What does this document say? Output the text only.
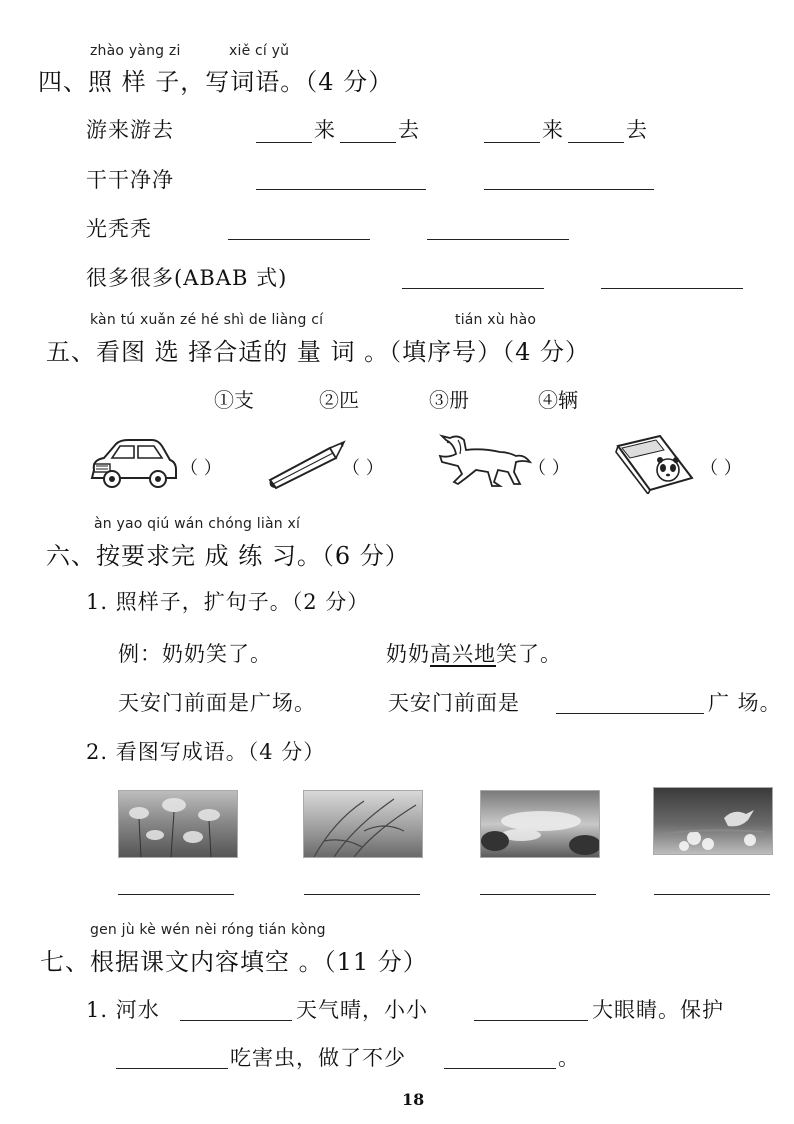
zhào yàng zi	xiě cí yǔ
四、照 样 子，写词语。（4 分）
游来游去	来	去	来	去
干干净净
光秃秃
很多很多(ABAB 式)
kàn tú xuǎn zé hé shì de liàng cí	tián xù hào
五、看图 选 择合适的 量 词 。（填序号）（4 分）
①支	②匹	③册	④辆
（ ）	（ ）	（ ）	（ ）
àn yao qiú wán chóng liàn xí
六、按要求完 成 练 习。（6 分）
1. 照样子，扩句子。（2 分）
例：奶奶笑了。	奶奶高兴地笑了。
天安门前面是广场。	天安门前面是	广 场。
2. 看图写成语。（4 分）
gen jù kè wén nèi róng tián kòng
七、根据课文内容填空 。（11 分）
1. 河水	天气晴，小小	大眼睛。保护
吃害虫，做了不少	。
18
